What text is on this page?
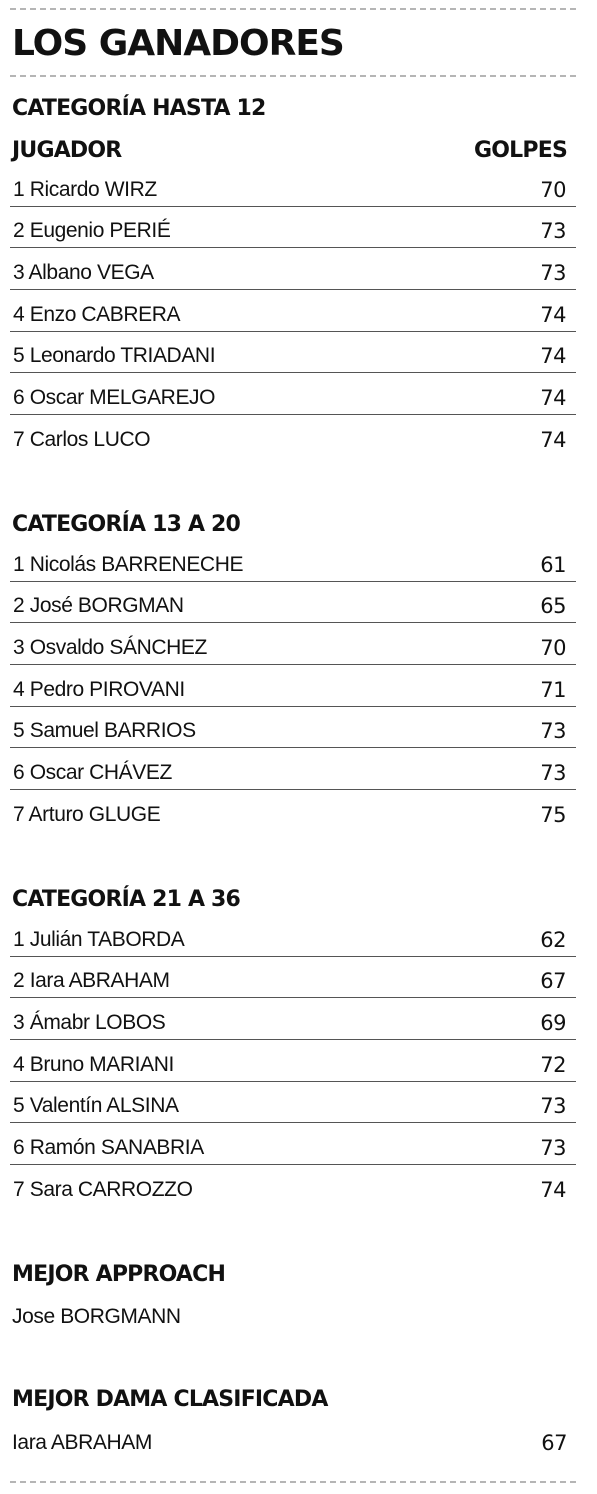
LOS GANADORES
CATEGORÍA HASTA 12
JUGADOR	GOLPES
1 Ricardo WIRZ	70
2 Eugenio PERIÉ	73
3 Albano VEGA	73
4 Enzo CABRERA	74
5 Leonardo TRIADANI	74
6 Oscar MELGAREJO	74
7 Carlos LUCO	74
CATEGORÍA 13 A 20
1 Nicolás BARRENECHE	61
2 José BORGMAN	65
3 Osvaldo SÁNCHEZ	70
4 Pedro PIROVANI	71
5 Samuel BARRIOS	73
6 Oscar CHÁVEZ	73
7 Arturo GLUGE	75
CATEGORÍA 21 A 36
1 Julián TABORDA	62
2 Iara ABRAHAM	67
3 Ámabr LOBOS	69
4 Bruno MARIANI	72
5 Valentín ALSINA	73
6 Ramón SANABRIA	73
7 Sara CARROZZO	74
MEJOR APPROACH
Jose BORGMANN
MEJOR DAMA CLASIFICADA
Iara ABRAHAM	67
